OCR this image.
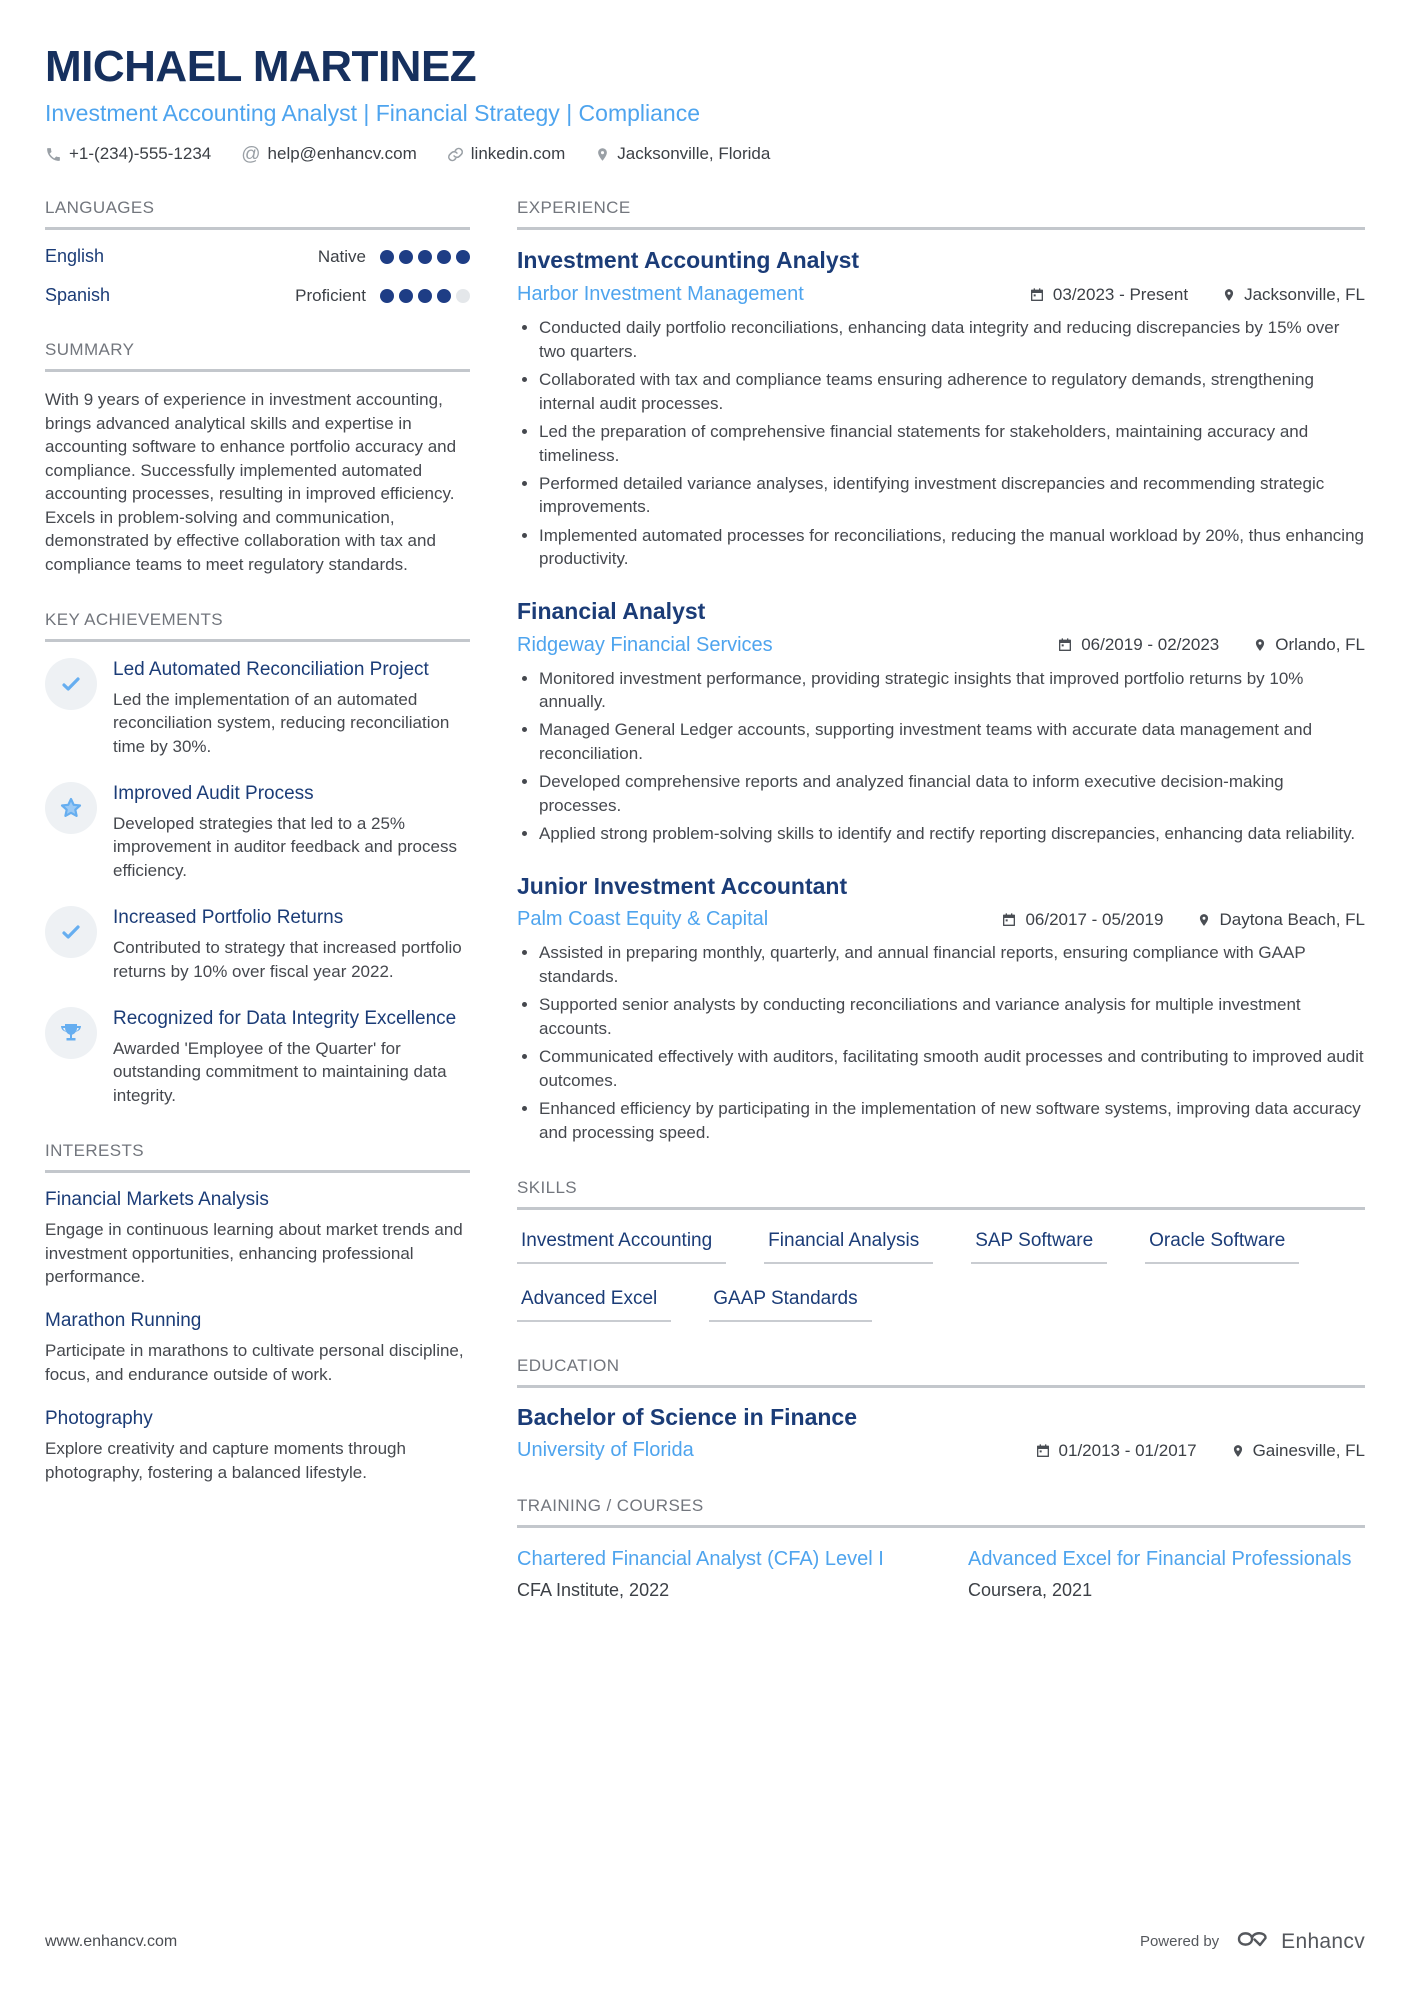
MICHAEL MARTINEZ
Investment Accounting Analyst | Financial Strategy | Compliance
+1-(234)-555-1234 @ help@enhancv.com	linkedin.com	Jacksonville, Florida
LANGUAGES
English	Native
Spanish	Proficient
SUMMARY

With 9 years of experience in investment accounting, brings advanced analytical skills and expertise in accounting software to enhance portfolio accuracy and compliance. Successfully implemented automated accounting processes, resulting in improved efficiency. Excels in problem-solving and communication, demonstrated by effective collaboration with tax and compliance teams to meet regulatory standards.

KEY ACHIEVEMENTS
Led Automated Reconciliation Project
Led the implementation of an automated reconciliation system, reducing reconciliation time by 30%.
Improved Audit Process
Developed strategies that led to a 25% improvement in auditor feedback and process efficiency.
Increased Portfolio Returns
Contributed to strategy that increased portfolio returns by 10% over fiscal year 2022.
Recognized for Data Integrity Excellence
Awarded 'Employee of the Quarter' for outstanding commitment to maintaining data integrity.
INTERESTS
Financial Markets Analysis
Engage in continuous learning about market trends and investment opportunities, enhancing professional performance.
Marathon Running
Participate in marathons to cultivate personal discipline, focus, and endurance outside of work.
Photography
Explore creativity and capture moments through photography, fostering a balanced lifestyle.
EXPERIENCE
Investment Accounting Analyst
Harbor Investment Management	03/2023 - Present	Jacksonville, FL
• Conducted daily portfolio reconciliations, enhancing data integrity and reducing discrepancies by 15% over two quarters.
• Collaborated with tax and compliance teams ensuring adherence to regulatory demands, strengthening internal audit processes.
• Led the preparation of comprehensive financial statements for stakeholders, maintaining accuracy and timeliness.
• Performed detailed variance analyses, identifying investment discrepancies and recommending strategic improvements.
• Implemented automated processes for reconciliations, reducing the manual workload by 20%, thus enhancing productivity.
Financial Analyst
Ridgeway Financial Services	06/2019 - 02/2023	Orlando, FL
• Monitored investment performance, providing strategic insights that improved portfolio returns by 10% annually.
• Managed General Ledger accounts, supporting investment teams with accurate data management and reconciliation.
• Developed comprehensive reports and analyzed financial data to inform executive decision-making processes.
• Applied strong problem-solving skills to identify and rectify reporting discrepancies, enhancing data reliability.
Junior Investment Accountant
Palm Coast Equity & Capital	06/2017 - 05/2019	Daytona Beach, FL
• Assisted in preparing monthly, quarterly, and annual financial reports, ensuring compliance with GAAP standards.
• Supported senior analysts by conducting reconciliations and variance analysis for multiple investment accounts.
• Communicated effectively with auditors, facilitating smooth audit processes and contributing to improved audit outcomes.
• Enhanced efficiency by participating in the implementation of new software systems, improving data accuracy and processing speed.
SKILLS
Investment Accounting	Financial Analysis	SAP Software	Oracle Software
Advanced Excel	GAAP Standards
EDUCATION
Bachelor of Science in Finance
University of Florida	01/2013 - 01/2017	Gainesville, FL
TRAINING / COURSES
Chartered Financial Analyst (CFA) Level I
CFA Institute, 2022
Advanced Excel for Financial Professionals
Coursera, 2021
www.enhancv.com	Powered by	Enhancv
